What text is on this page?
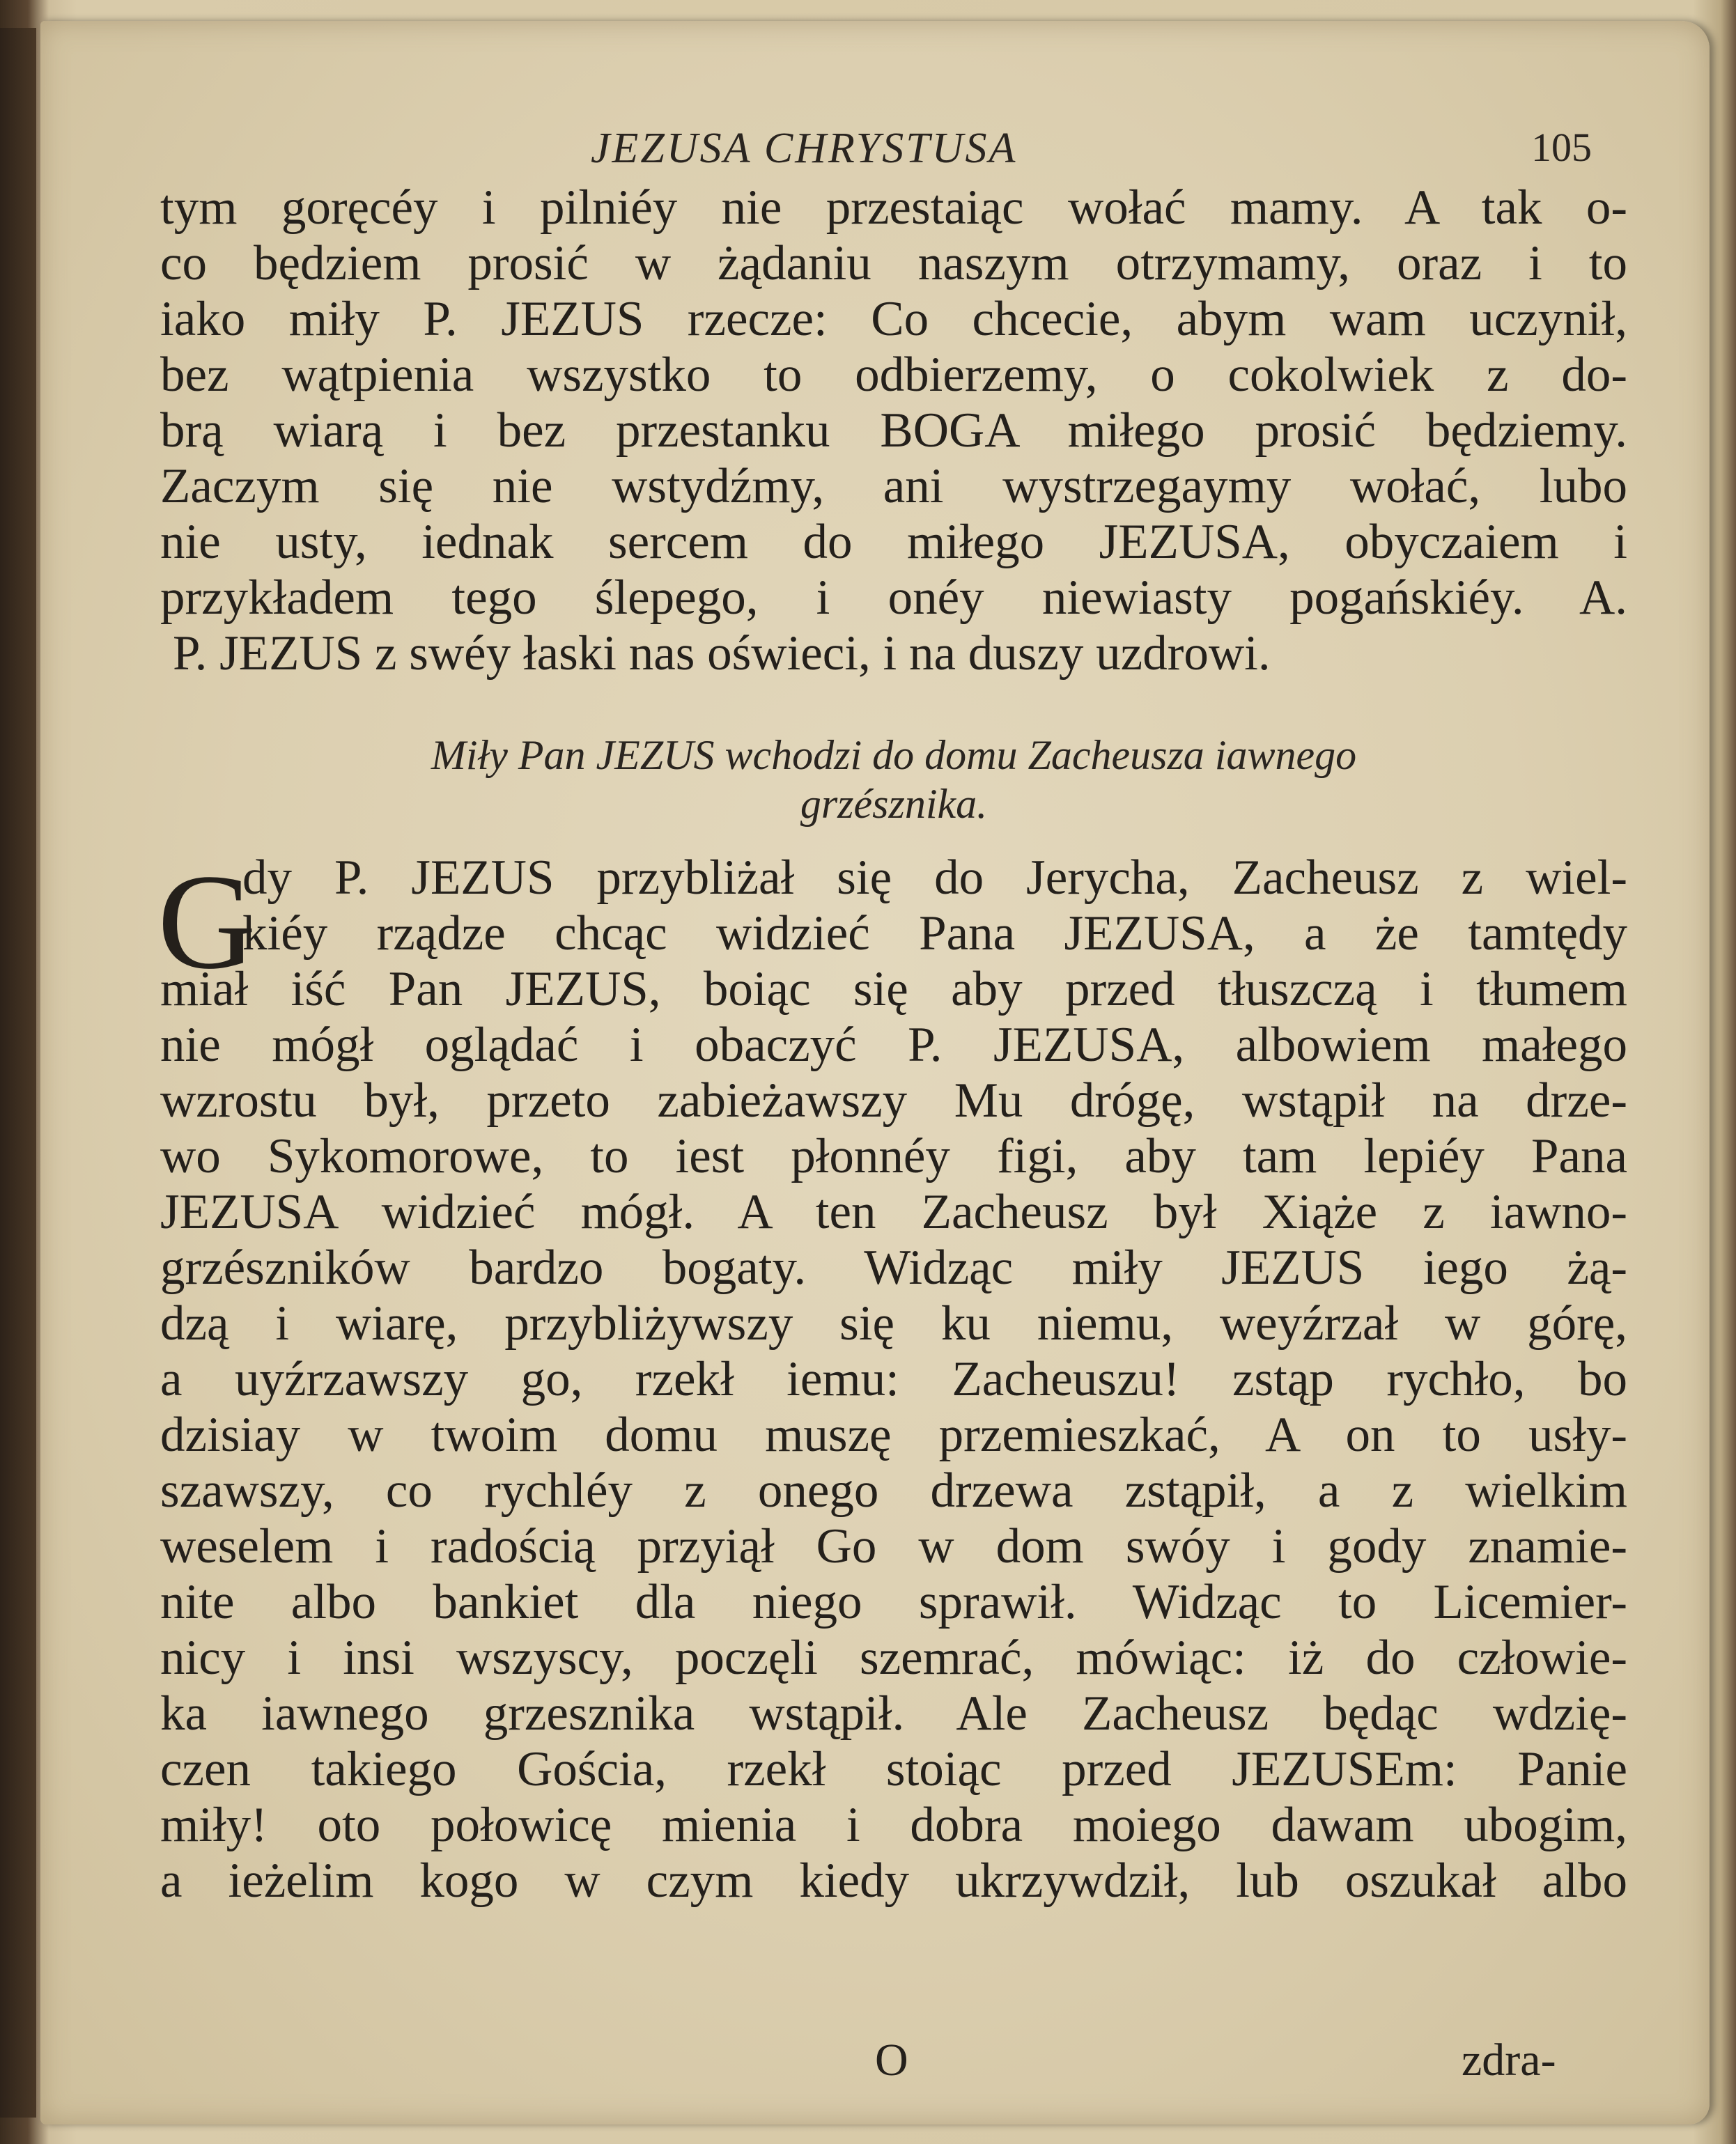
JEZUSA CHRYSTUSA	105
tym goręcéy i pilniéy nie przestaiąc wołać mamy. A tak o-
co będziem prosić w żądaniu naszym otrzymamy, oraz i to
iako miły P. JEZUS rzecze: Co chcecie, abym wam uczynił,
bez wątpienia wszystko to odbierzemy, o cokolwiek z do-
brą wiarą i bez przestanku BOGA miłego prosić będziemy.
Zaczym się nie wstydźmy, ani wystrzegaymy wołać, lubo
nie usty, iednak sercem do miłego JEZUSA, obyczaiem i
przykładem tego ślepego, i onéy niewiasty pogańskiéy. A.
P. JEZUS z swéy łaski nas oświeci, i na duszy uzdrowi.
Miły Pan JEZUS wchodzi do domu Zacheusza iawnego
grzésznika.
G
dy P. JEZUS przybliżał się do Jerycha, Zacheusz z wiel-
kiéy rządze chcąc widzieć Pana JEZUSA, a że tamtędy
miał iść Pan JEZUS, boiąc się aby przed tłuszczą i tłumem
nie mógł oglądać i obaczyć P. JEZUSA, albowiem małego
wzrostu był, przeto zabieżawszy Mu drógę, wstąpił na drze-
wo Sykomorowe, to iest płonnéy figi, aby tam lepiéy Pana
JEZUSA widzieć mógł. A ten Zacheusz był Xiąże z iawno-
grzészników bardzo bogaty. Widząc miły JEZUS iego żą-
dzą i wiarę, przybliżywszy się ku niemu, weyźrzał w górę,
a uyźrzawszy go, rzekł iemu: Zacheuszu! zstąp rychło, bo
dzisiay w twoim domu muszę przemieszkać, A on to usły-
szawszy, co rychléy z onego drzewa zstąpił, a z wielkim
weselem i radością przyiął Go w dom swóy i gody znamie-
nite albo bankiet dla niego sprawił. Widząc to Licemier-
nicy i insi wszyscy, poczęli szemrać, mówiąc: iż do człowie-
ka iawnego grzesznika wstąpił. Ale Zacheusz będąc wdzię-
czen takiego Gościa, rzekł stoiąc przed JEZUSEm: Panie
miły! oto połowicę mienia i dobra moiego dawam ubogim,
a ieżelim kogo w czym kiedy ukrzywdził, lub oszukał albo
O	zdra-
